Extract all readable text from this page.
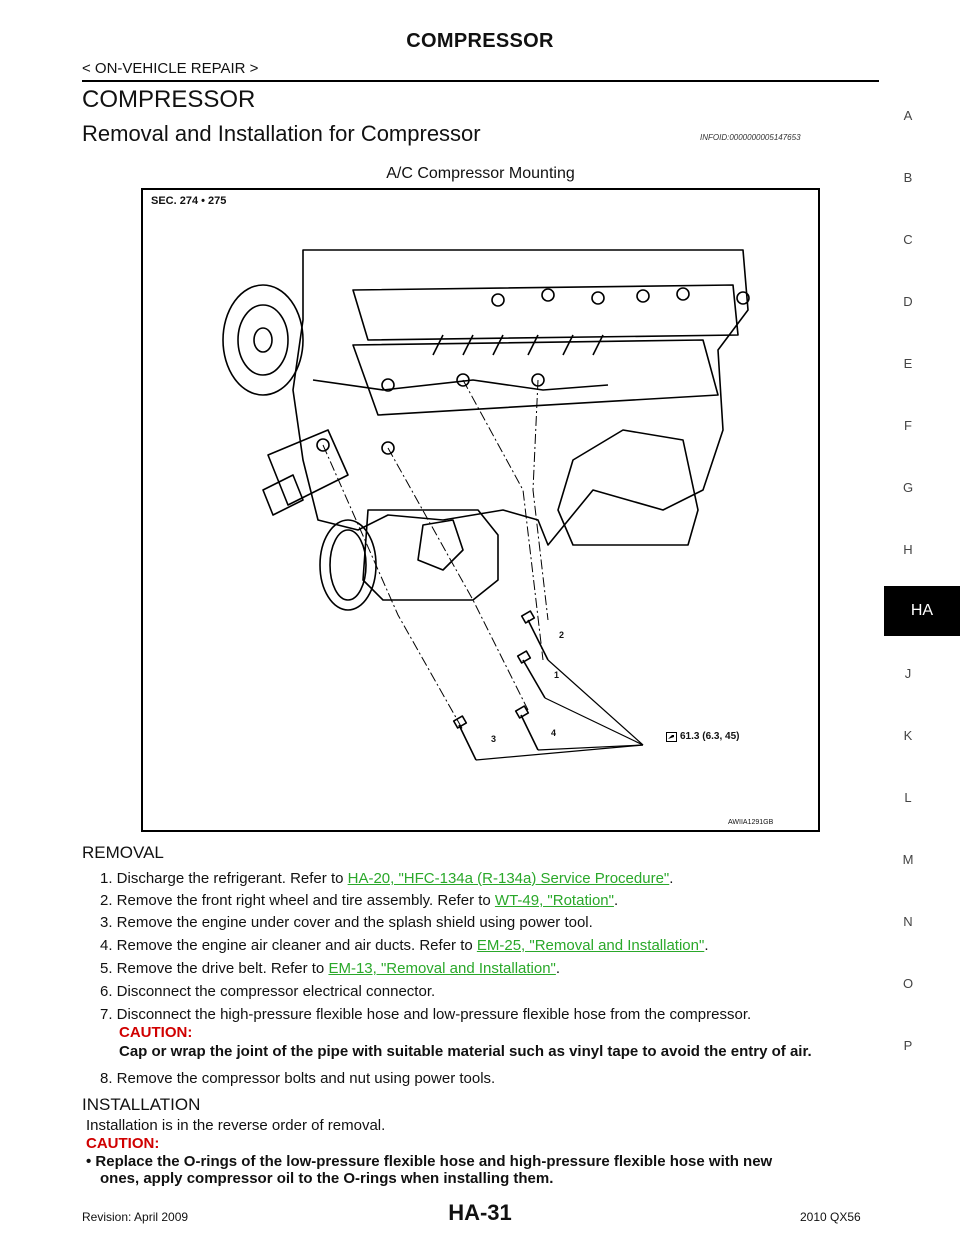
COMPRESSOR
< ON-VEHICLE REPAIR >
COMPRESSOR
Removal and Installation for Compressor	INFOID:0000000005147653
A/C Compressor Mounting
SEC. 274 • 275
2
1
3
4	61.3 (6.3, 45)
AWIIA1291GB
REMOVAL
1. Discharge the refrigerant. Refer to HA-20, "HFC-134a (R-134a) Service Procedure".
2. Remove the front right wheel and tire assembly. Refer to WT-49, "Rotation".
3. Remove the engine under cover and the splash shield using power tool.
4. Remove the engine air cleaner and air ducts. Refer to EM-25, "Removal and Installation".
5. Remove the drive belt. Refer to EM-13, "Removal and Installation".
6. Disconnect the compressor electrical connector.
7. Disconnect the high-pressure flexible hose and low-pressure flexible hose from the compressor.
CAUTION:
Cap or wrap the joint of the pipe with suitable material such as vinyl tape to avoid the entry of air.
8. Remove the compressor bolts and nut using power tools.
INSTALLATION
Installation is in the reverse order of removal.
CAUTION:
• Replace the O-rings of the low-pressure flexible hose and high-pressure flexible hose with new
ones, apply compressor oil to the O-rings when installing them.
A
B
C
D
E
F
G
H
HA
J
K
L
M
N
O
P
Revision: April 2009	HA-31	2010 QX56
